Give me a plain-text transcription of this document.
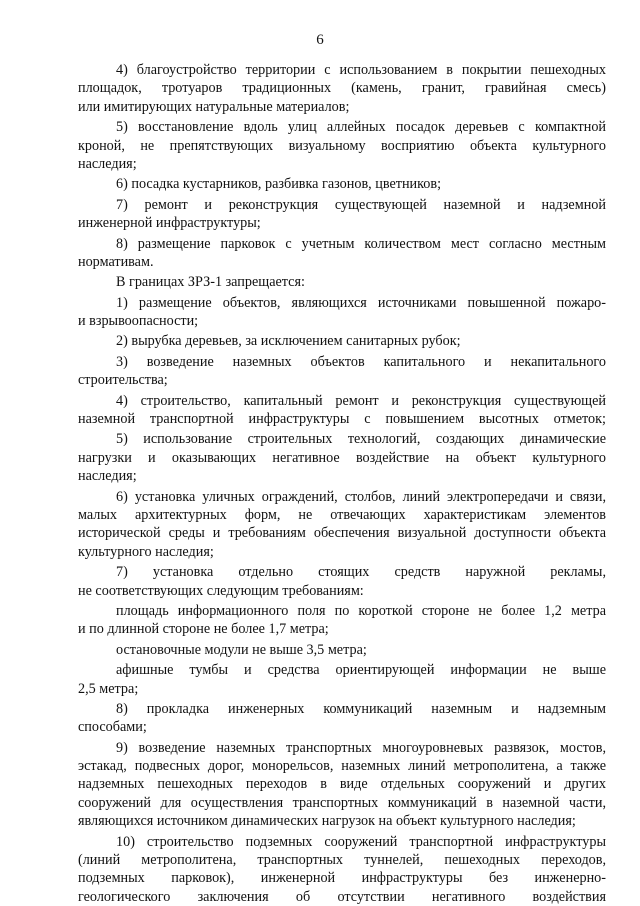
6
4) благоустройство территории с использованием в покрытии пешеходных
площадок, тротуаров традиционных (камень, гранит, гравийная смесь)
или имитирующих натуральные материалов;
5) восстановление вдоль улиц аллейных посадок деревьев с компактной
кроной, не препятствующих визуальному восприятию объекта культурного
наследия;
6) посадка кустарников, разбивка газонов, цветников;
7) ремонт и реконструкция существующей наземной и надземной
инженерной инфраструктуры;
8) размещение парковок с учетным количеством мест согласно местным
нормативам.
В границах ЗРЗ-1 запрещается:
1) размещение объектов, являющихся источниками повышенной пожаро-
и взрывоопасности;
2) вырубка деревьев, за исключением санитарных рубок;
3) возведение наземных объектов капитального и некапитального
строительства;
4) строительство, капитальный ремонт и реконструкция существующей
наземной транспортной инфраструктуры с повышением высотных отметок;
5) использование строительных технологий, создающих динамические
нагрузки и оказывающих негативное воздействие на объект культурного
наследия;
6) установка уличных ограждений, столбов, линий электропередачи и связи,
малых архитектурных форм, не отвечающих характеристикам элементов
исторической среды и требованиям обеспечения визуальной доступности объекта
культурного наследия;
7) установка отдельно стоящих средств наружной рекламы,
не соответствующих следующим требованиям:
площадь информационного поля по короткой стороне не более 1,2 метра
и по длинной стороне не более 1,7 метра;
остановочные модули не выше 3,5 метра;
афишные тумбы и средства ориентирующей информации не выше
2,5 метра;
8) прокладка инженерных коммуникаций наземным и надземным
способами;
9) возведение наземных транспортных многоуровневых развязок, мостов,
эстакад, подвесных дорог, монорельсов, наземных линий метрополитена, а также
надземных пешеходных переходов в виде отдельных сооружений и других
сооружений для осуществления транспортных коммуникаций в наземной части,
являющихся источником динамических нагрузок на объект культурного наследия;
10) строительство подземных сооружений транспортной инфраструктуры
(линий метрополитена, транспортных туннелей, пешеходных переходов,
подземных парковок), инженерной инфраструктуры без инженерно-
геологического заключения об отсутствии негативного воздействия
